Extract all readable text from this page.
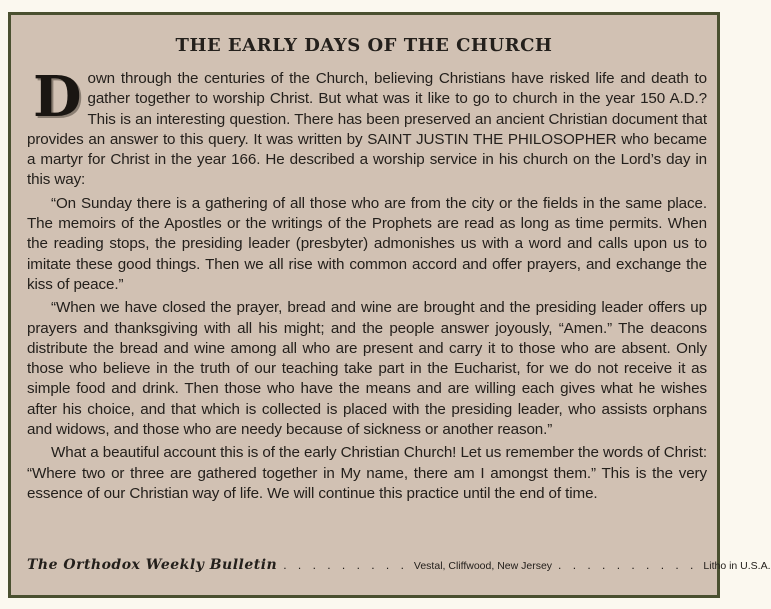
THE EARLY DAYS OF THE CHURCH

Down through the centuries of the Church, believing Christians have risked life and death to gather together to worship Christ. But what was it like to go to church in the year 150 A.D.? This is an interesting question. There has been preserved an ancient Christian document that provides an answer to this query. It was written by SAINT JUSTIN THE PHILOSOPHER who became a martyr for Christ in the year 166. He described a worship service in his church on the Lord’s day in this way:

“On Sunday there is a gathering of all those who are from the city or the fields in the same place. The memoirs of the Apostles or the writings of the Prophets are read as long as time permits. When the reading stops, the presiding leader (presbyter) admonishes us with a word and calls upon us to imitate these good things. Then we all rise with common accord and offer prayers, and exchange the kiss of peace.”

“When we have closed the prayer, bread and wine are brought and the presiding leader offers up prayers and thanksgiving with all his might; and the people answer joyously, “Amen.” The deacons distribute the bread and wine among all who are present and carry it to those who are absent. Only those who believe in the truth of our teaching take part in the Eucharist, for we do not receive it as simple food and drink. Then those who have the means and are willing each gives what he wishes after his choice, and that which is collected is placed with the presiding leader, who assists orphans and widows, and those who are needy because of sickness or another reason.”

What a beautiful account this is of the early Christian Church! Let us remember the words of Christ: “Where two or three are gathered together in My name, there am I amongst them.” This is the very essence of our Christian way of life. We will continue this practice until the end of time.

The Orthodox Weekly Bulletin . . . . . . . . . Vestal, Cliffwood, New Jersey . . . . . . . . . . Litho in U.S.A.
